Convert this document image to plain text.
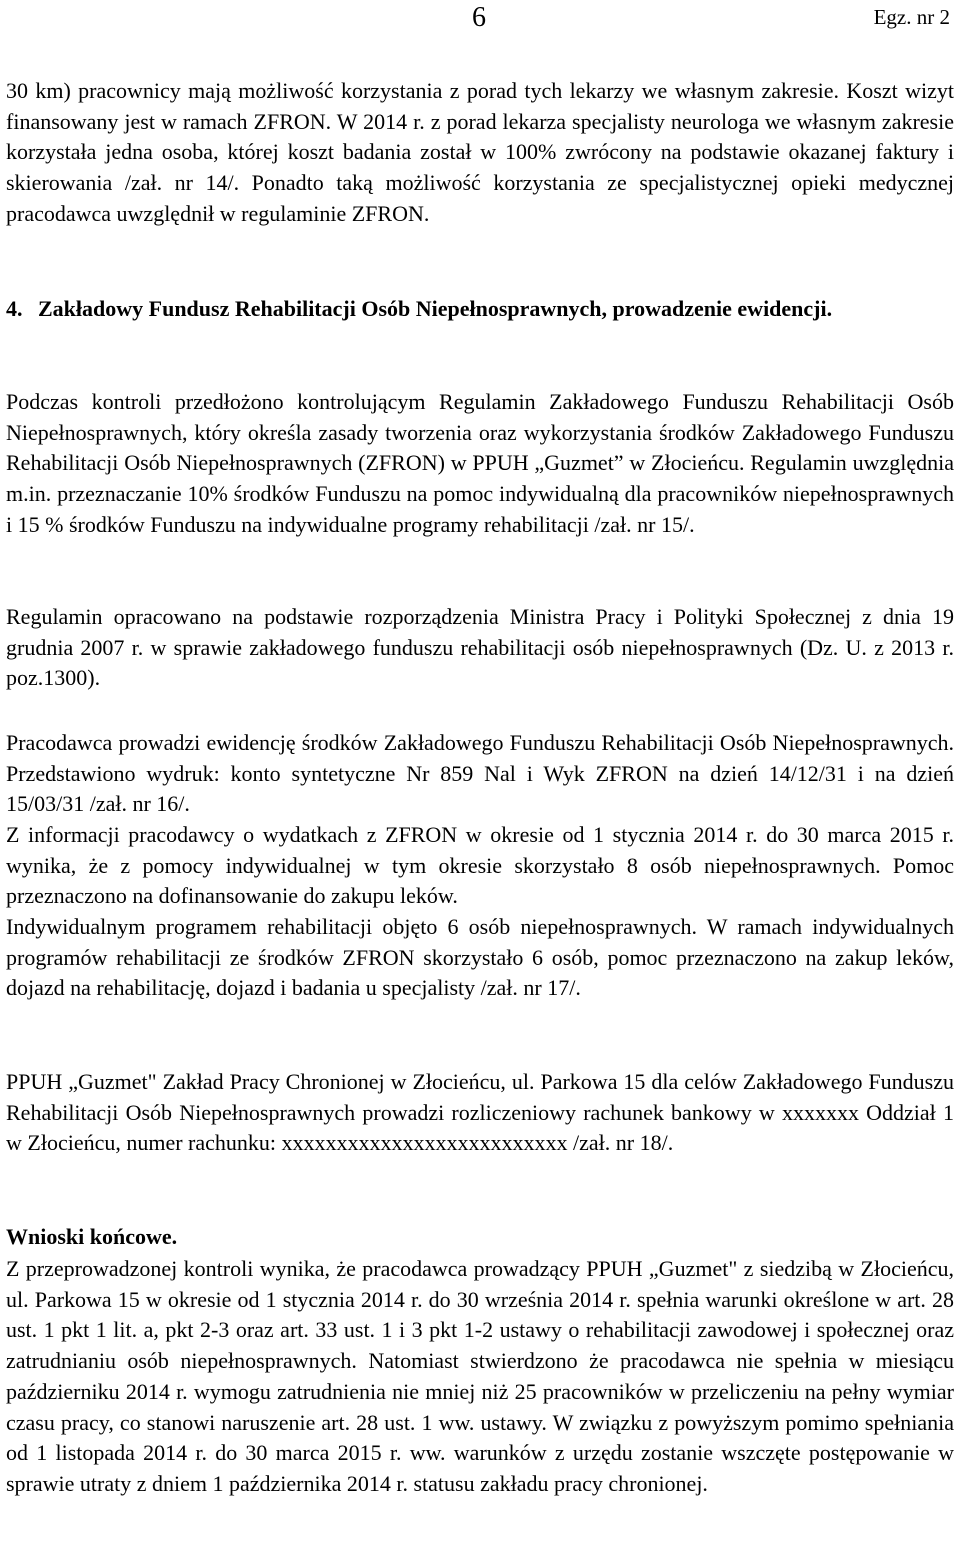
6	Egz. nr 2

30 km) pracownicy mają możliwość korzystania z porad tych lekarzy we własnym zakresie. Koszt wizyt finansowany jest w ramach ZFRON. W 2014 r. z porad lekarza specjalisty neurologa we własnym zakresie korzystała jedna osoba, której koszt badania został w 100% zwrócony na podstawie okazanej faktury i skierowania /zał. nr 14/. Ponadto taką możliwość korzystania ze specjalistycznej opieki medycznej pracodawca uwzględnił w regulaminie ZFRON.

4. Zakładowy Fundusz Rehabilitacji Osób Niepełnosprawnych, prowadzenie ewidencji.

Podczas kontroli przedłożono kontrolującym Regulamin Zakładowego Funduszu Rehabilitacji Osób Niepełnosprawnych, który określa zasady tworzenia oraz wykorzystania środków Zakładowego Funduszu Rehabilitacji Osób Niepełnosprawnych (ZFRON) w PPUH „Guzmet” w Złocieńcu. Regulamin uwzględnia m.in. przeznaczanie 10% środków Funduszu na pomoc indywidualną dla pracowników niepełnosprawnych i 15 % środków Funduszu na indywidualne programy rehabilitacji /zał. nr 15/.

Regulamin opracowano na podstawie rozporządzenia Ministra Pracy i Polityki Społecznej z dnia 19 grudnia 2007 r. w sprawie zakładowego funduszu rehabilitacji osób niepełnosprawnych (Dz. U. z 2013 r. poz.1300).

Pracodawca prowadzi ewidencję środków Zakładowego Funduszu Rehabilitacji Osób Niepełnosprawnych. Przedstawiono wydruk: konto syntetyczne Nr 859 Nal i Wyk ZFRON na dzień 14/12/31 i na dzień 15/03/31 /zał. nr 16/.

Z informacji pracodawcy o wydatkach z ZFRON w okresie od 1 stycznia 2014 r. do 30 marca 2015 r. wynika, że z pomocy indywidualnej w tym okresie skorzystało 8 osób niepełnosprawnych. Pomoc przeznaczono na dofinansowanie do zakupu leków.

Indywidualnym programem rehabilitacji objęto 6 osób niepełnosprawnych. W ramach indywidualnych programów rehabilitacji ze środków ZFRON skorzystało 6 osób, pomoc przeznaczono na zakup leków, dojazd na rehabilitację, dojazd i badania u specjalisty /zał. nr 17/.

PPUH „Guzmet" Zakład Pracy Chronionej w Złocieńcu, ul. Parkowa 15 dla celów Zakładowego Funduszu Rehabilitacji Osób Niepełnosprawnych prowadzi rozliczeniowy rachunek bankowy w xxxxxxx Oddział 1 w Złocieńcu, numer rachunku: xxxxxxxxxxxxxxxxxxxxxxxxxx /zał. nr 18/.

Wnioski końcowe.

Z przeprowadzonej kontroli wynika, że pracodawca prowadzący PPUH „Guzmet" z siedzibą w Złocieńcu, ul. Parkowa 15 w okresie od 1 stycznia 2014 r. do 30 września 2014 r. spełnia warunki określone w art. 28 ust. 1 pkt 1 lit. a, pkt 2-3 oraz art. 33 ust. 1 i 3 pkt 1-2 ustawy o rehabilitacji zawodowej i społecznej oraz zatrudnianiu osób niepełnosprawnych. Natomiast stwierdzono że pracodawca nie spełnia w miesiącu październiku 2014 r. wymogu zatrudnienia nie mniej niż 25 pracowników w przeliczeniu na pełny wymiar czasu pracy, co stanowi naruszenie art. 28 ust. 1 ww. ustawy. W związku z powyższym pomimo spełniania od 1 listopada 2014 r. do 30 marca 2015 r. ww. warunków z urzędu zostanie wszczęte postępowanie w sprawie utraty z dniem 1 października 2014 r. statusu zakładu pracy chronionej.
